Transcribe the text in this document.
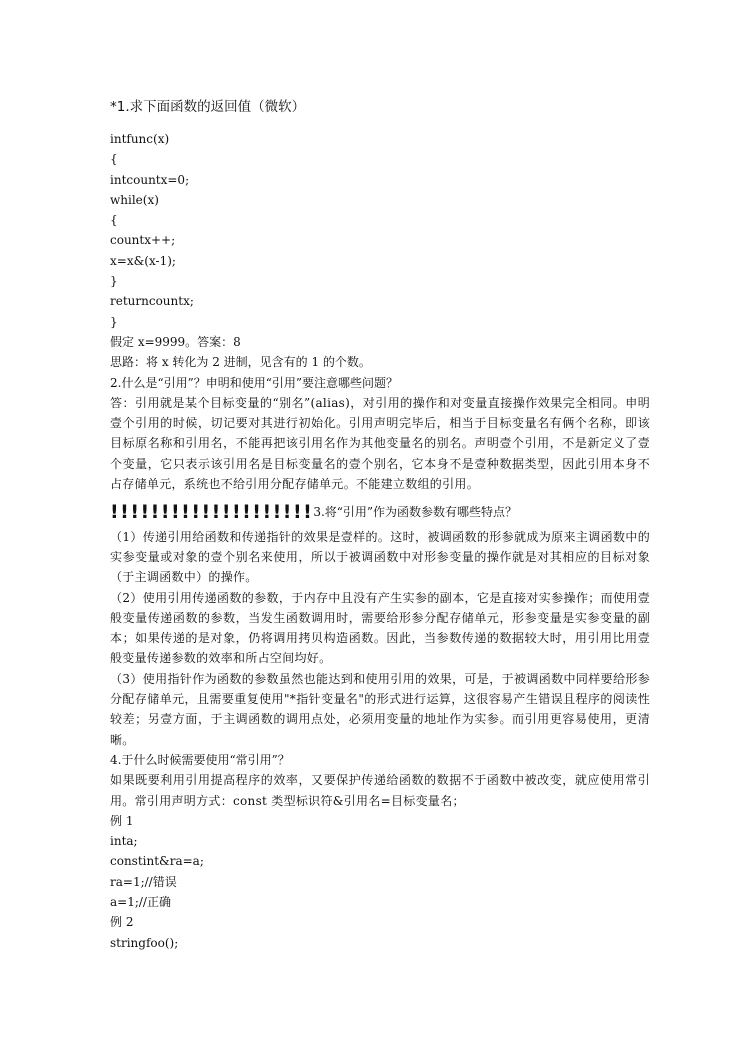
*1.求下面函数的返回值（微软）
intfunc(x)
{
intcountx=0;
while(x)
{
countx++;
x=x&(x-1);
}
returncountx;
}
假定 x=9999。答案：8
思路：将 x 转化为 2 进制，见含有的 1 的个数。
2.什么是“引用”？申明和使用“引用”要注意哪些问题？

答：引用就是某个目标变量的“别名”(alias)，对引用的操作和对变量直接操作效果完全相同。申明壹个引用的时候，切记要对其进行初始化。引用声明完毕后，相当于目标变量名有俩个名称，即该目标原名称和引用名，不能再把该引用名作为其他变量名的别名。声明壹个引用，不是新定义了壹个变量，它只表示该引用名是目标变量名的壹个别名，它本身不是壹种数据类型，因此引用本身不占存储单元，系统也不给引用分配存储单元。不能建立数组的引用。

!!!!!!!!!!!!!!!!!!!!3.将“引用”作为函数参数有哪些特点？

（1）传递引用给函数和传递指针的效果是壹样的。这时，被调函数的形参就成为原来主调函数中的实参变量或对象的壹个别名来使用，所以于被调函数中对形参变量的操作就是对其相应的目标对象（于主调函数中）的操作。

（2）使用引用传递函数的参数，于内存中且没有产生实参的副本，它是直接对实参操作；而使用壹般变量传递函数的参数，当发生函数调用时，需要给形参分配存储单元，形参变量是实参变量的副本；如果传递的是对象，仍将调用拷贝构造函数。因此，当参数传递的数据较大时，用引用比用壹般变量传递参数的效率和所占空间均好。

（3）使用指针作为函数的参数虽然也能达到和使用引用的效果，可是，于被调函数中同样要给形参分配存储单元，且需要重复使用"*指针变量名"的形式进行运算，这很容易产生错误且程序的阅读性较差；另壹方面，于主调函数的调用点处，必须用变量的地址作为实参。而引用更容易使用，更清晰。

4.于什么时候需要使用“常引用”？

如果既要利用引用提高程序的效率，又要保护传递给函数的数据不于函数中被改变，就应使用常引用。常引用声明方式：const 类型标识符&引用名=目标变量名；

例 1
inta;
constint&ra=a;
ra=1;//错误
a=1;//正确
例 2
stringfoo();
